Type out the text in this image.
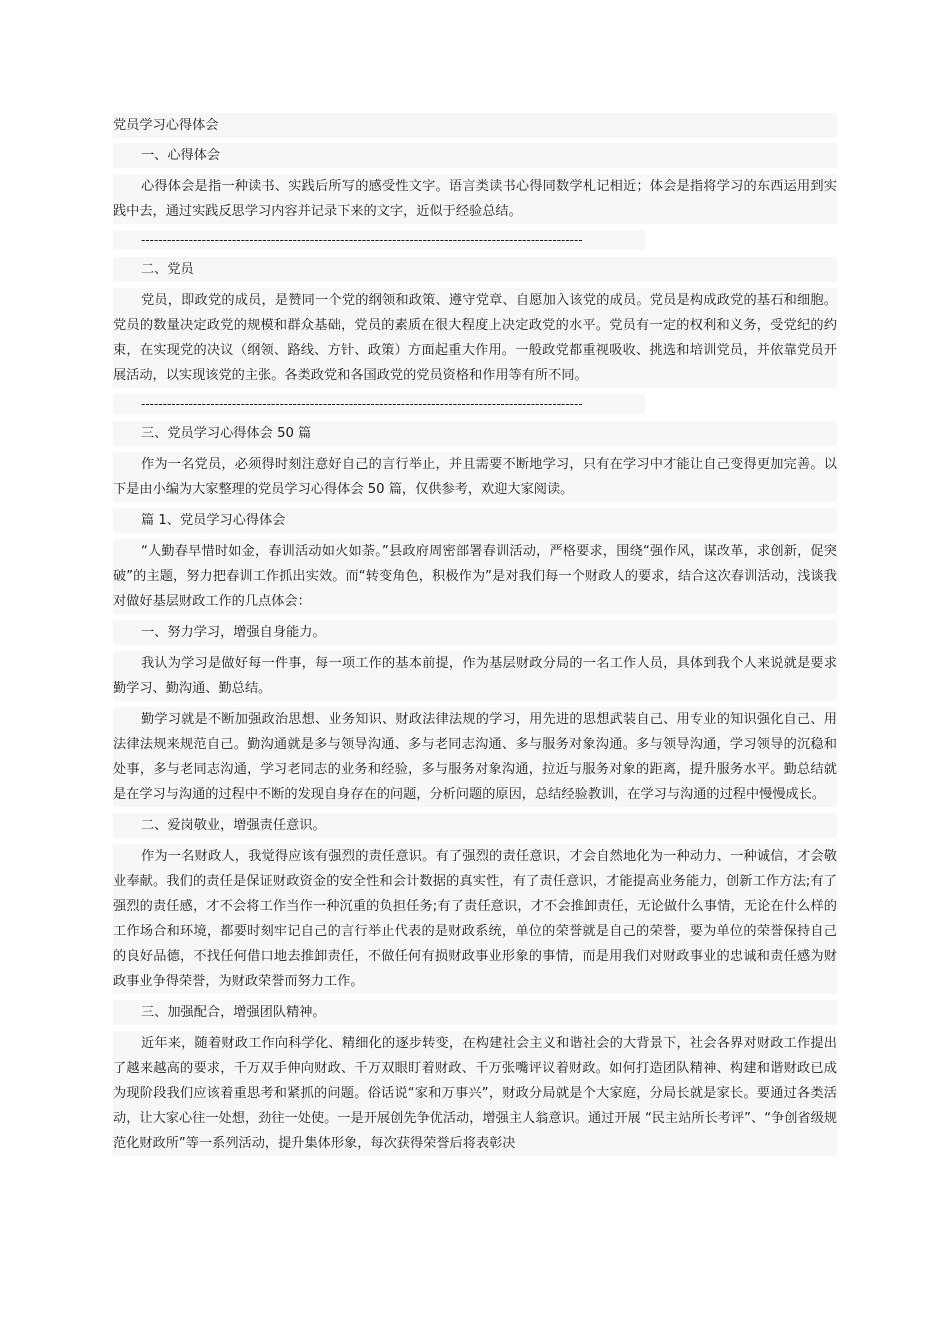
党员学习心得体会
一、心得体会
心得体会是指一种读书、实践后所写的感受性文字。语言类读书心得同数学札记相近；体会是指将学习的东西运用到实践中去，通过实践反思学习内容并记录下来的文字，近似于经验总结。
------------------------------------------------------------------------------------------------------
二、党员
党员，即政党的成员，是赞同一个党的纲领和政策、遵守党章、自愿加入该党的成员。党员是构成政党的基石和细胞。党员的数量决定政党的规模和群众基础，党员的素质在很大程度上决定政党的水平。党员有一定的权利和义务，受党纪的约束，在实现党的决议（纲领、路线、方针、政策）方面起重大作用。一般政党都重视吸收、挑选和培训党员，并依靠党员开展活动，以实现该党的主张。各类政党和各国政党的党员资格和作用等有所不同。
------------------------------------------------------------------------------------------------------
三、党员学习心得体会 50 篇
作为一名党员，必须得时刻注意好自己的言行举止，并且需要不断地学习，只有在学习中才能让自己变得更加完善。以下是由小编为大家整理的党员学习心得体会 50 篇，仅供参考，欢迎大家阅读。
篇 1、党员学习心得体会
“人勤春早惜时如金，春训活动如火如荼。”县政府周密部署春训活动，严格要求，围绕“强作风，谋改革，求创新，促突破”的主题，努力把春训工作抓出实效。而“转变角色，积极作为”是对我们每一个财政人的要求，结合这次春训活动，浅谈我对做好基层财政工作的几点体会：
一、努力学习，增强自身能力。
我认为学习是做好每一件事，每一项工作的基本前提，作为基层财政分局的一名工作人员，具体到我个人来说就是要求勤学习、勤沟通、勤总结。
勤学习就是不断加强政治思想、业务知识、财政法律法规的学习，用先进的思想武装自己、用专业的知识强化自己、用法律法规来规范自己。勤沟通就是多与领导沟通、多与老同志沟通、多与服务对象沟通。多与领导沟通，学习领导的沉稳和处事，多与老同志沟通，学习老同志的业务和经验，多与服务对象沟通，拉近与服务对象的距离，提升服务水平。勤总结就是在学习与沟通的过程中不断的发现自身存在的问题，分析问题的原因，总结经验教训，在学习与沟通的过程中慢慢成长。
二、爱岗敬业，增强责任意识。
作为一名财政人，我觉得应该有强烈的责任意识。有了强烈的责任意识，才会自然地化为一种动力、一种诚信，才会敬业奉献。我们的责任是保证财政资金的安全性和会计数据的真实性，有了责任意识，才能提高业务能力，创新工作方法;有了强烈的责任感，才不会将工作当作一种沉重的负担任务;有了责任意识，才不会推卸责任，无论做什么事情，无论在什么样的工作场合和环境，都要时刻牢记自己的言行举止代表的是财政系统，单位的荣誉就是自己的荣誉，要为单位的荣誉保持自己的良好品德，不找任何借口地去推卸责任，不做任何有损财政事业形象的事情，而是用我们对财政事业的忠诚和责任感为财政事业争得荣誉，为财政荣誉而努力工作。
三、加强配合，增强团队精神。
近年来，随着财政工作向科学化、精细化的逐步转变，在构建社会主义和谐社会的大背景下，社会各界对财政工作提出了越来越高的要求，千万双手伸向财政、千万双眼盯着财政、千万张嘴评议着财政。如何打造团队精神、构建和谐财政已成为现阶段我们应该着重思考和紧抓的问题。俗话说“家和万事兴”，财政分局就是个大家庭，分局长就是家长。要通过各类活动，让大家心往一处想，劲往一处使。一是开展创先争优活动，增强主人翁意识。通过开展 “民主站所长考评”、“争创省级规范化财政所”等一系列活动，提升集体形象，每次获得荣誉后将表彰决
